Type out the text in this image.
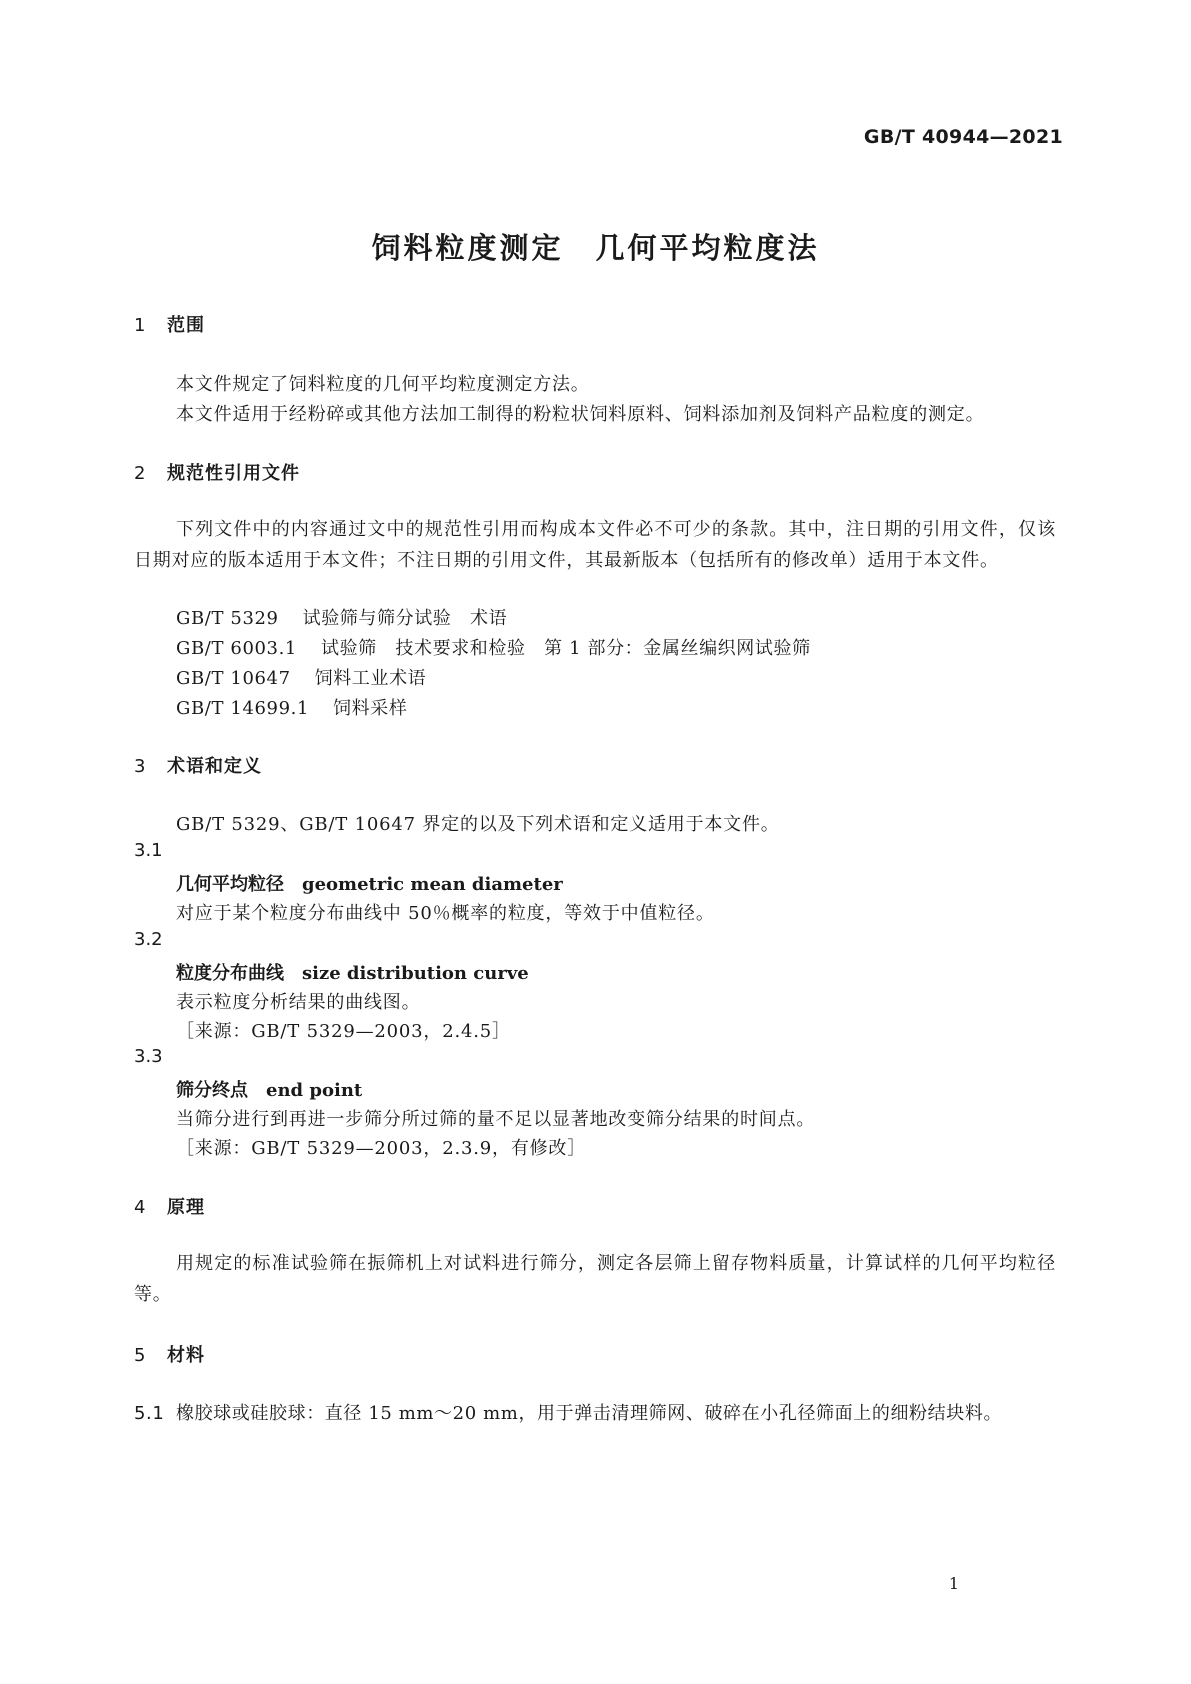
GB/T 40944—2021
饲料粒度测定　几何平均粒度法
1 范围
本文件规定了饲料粒度的几何平均粒度测定方法。
本文件适用于经粉碎或其他方法加工制得的粉粒状饲料原料、饲料添加剂及饲料产品粒度的测定。
2 规范性引用文件
下列文件中的内容通过文中的规范性引用而构成本文件必不可少的条款。其中，注日期的引用文件，仅该日期对应的版本适用于本文件；不注日期的引用文件，其最新版本（包括所有的修改单）适用于本文件。
GB/T 5329 试验筛与筛分试验　术语
GB/T 6003.1 试验筛　技术要求和检验　第 1 部分：金属丝编织网试验筛
GB/T 10647 饲料工业术语
GB/T 14699.1 饲料采样
3 术语和定义
GB/T 5329、GB/T 10647 界定的以及下列术语和定义适用于本文件。
3.1
几何平均粒径 geometric mean diameter
对应于某个粒度分布曲线中 50％概率的粒度，等效于中值粒径。
3.2
粒度分布曲线 size distribution curve
表示粒度分析结果的曲线图。
［来源：GB/T 5329—2003，2.4.5］
3.3
筛分终点 end point
当筛分进行到再进一步筛分所过筛的量不足以显著地改变筛分结果的时间点。
［来源：GB/T 5329—2003，2.3.9，有修改］
4 原理
用规定的标准试验筛在振筛机上对试料进行筛分，测定各层筛上留存物料质量，计算试样的几何平均粒径等。
5 材料
5.1 橡胶球或硅胶球：直径 15 mm～20 mm，用于弹击清理筛网、破碎在小孔径筛面上的细粉结块料。
1
